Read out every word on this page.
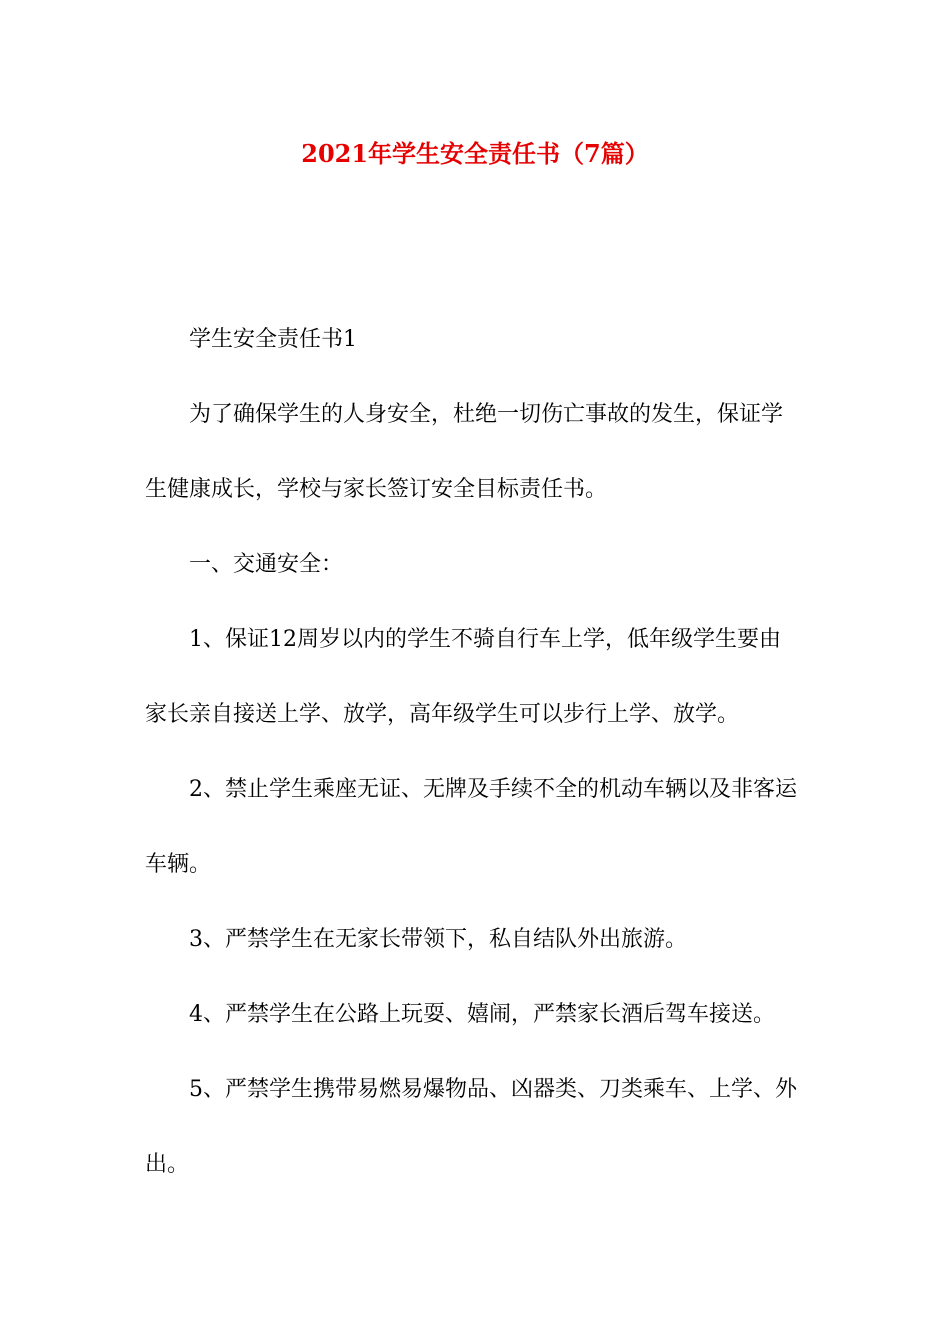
2021年学生安全责任书（7篇）
学生安全责任书1
为了确保学生的人身安全，杜绝一切伤亡事故的发生，保证学
生健康成长，学校与家长签订安全目标责任书。
一、交通安全：
1、保证12周岁以内的学生不骑自行车上学，低年级学生要由
家长亲自接送上学、放学，高年级学生可以步行上学、放学。
2、禁止学生乘座无证、无牌及手续不全的机动车辆以及非客运
车辆。
3、严禁学生在无家长带领下，私自结队外出旅游。
4、严禁学生在公路上玩耍、嬉闹，严禁家长酒后驾车接送。
5、严禁学生携带易燃易爆物品、凶器类、刀类乘车、上学、外
出。
